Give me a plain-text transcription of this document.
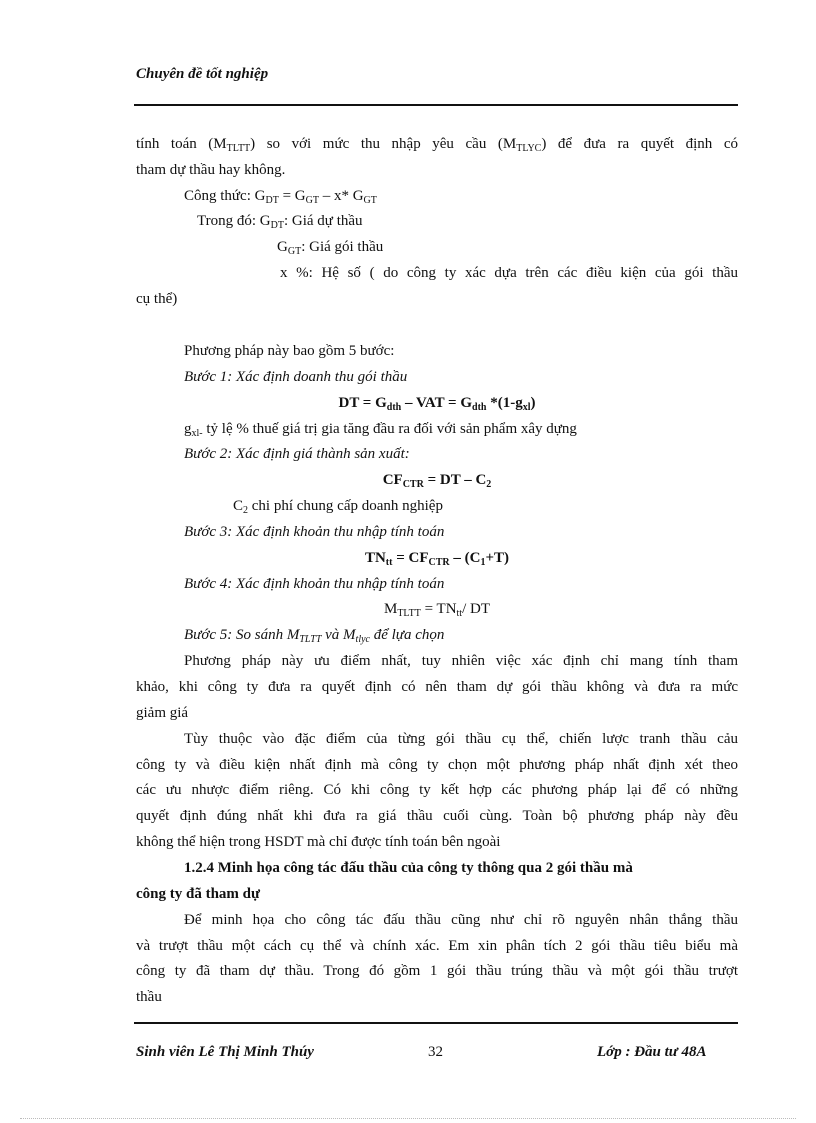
Chuyên đề tốt nghiệp
tính toán $(M_{TLTT})$ so với mức thu nhập yêu cầu $(M_{TLYC})$ để đưa ra quyết định có
tham dự thầu hay không.
Công thức: $G_{DT} = G_{GT} - x*$ $G_{GT}$
Trong đó: $G_{DT}$: Giá dự thầu
$G_{GT}$: Giá gói thầu
x %: Hệ số ( do công ty xác dựa trên các điều kiện của gói thầu
cụ thể)
Phương pháp này bao gồm 5 bước:
Bước 1: Xác định doanh thu gói thầu
DT = $G_{dth}$ – VAT = $G_{dth}$ $*(1-g_{xl})$
$g_{xl-}$ tỷ lệ % thuế giá trị gia tăng đầu ra đối với sản phẩm xây dựng
Bước 2: Xác định giá thành sản xuất:
$CF_{CTR}$ = DT – $C_2$
$C_2$ chi phí chung cấp doanh nghiệp
Bước 3: Xác định khoản thu nhập tính toán
$TN_{tt} = CF_{CTR} - (C_1+T)$
Bước 4: Xác định khoản thu nhập tính toán
$M_{TLTT} = TN_{tt}/$ DT
Bước 5: So sánh $M_{TLTT}$ và $M_{tlyc}$ để lựa chọn
Phương pháp này ưu điểm nhất, tuy nhiên việc xác định chỉ mang tính tham
khảo, khi công ty đưa ra quyết định có nên tham dự gói thầu không và đưa ra mức
giảm giá
Tùy thuộc vào đặc điểm của từng gói thầu cụ thể, chiến lược tranh thầu cảu
công ty và điều kiện nhất định mà công ty chọn một phương pháp nhất định xét theo
các ưu nhược điểm riêng. Có khi công ty kết hợp các phương pháp lại để có những
quyết định đúng nhất khi đưa ra giá thầu cuối cùng. Toàn bộ phương pháp này đều
không thể hiện trong HSDT mà chỉ được tính toán bên ngoài
1.2.4 Minh họa công tác đấu thầu của công ty thông qua 2 gói thầu mà
công ty đã tham dự
Để minh họa cho công tác đấu thầu cũng như chỉ rõ nguyên nhân thắng thầu
và trượt thầu một cách cụ thể và chính xác. Em xin phân tích 2 gói thầu tiêu biểu mà
công ty đã tham dự thầu. Trong đó gồm 1 gói thầu trúng thầu và một gói thầu trượt
thầu
Sinh viên Lê Thị Minh Thúy	32	Lớp : Đầu tư 48A
